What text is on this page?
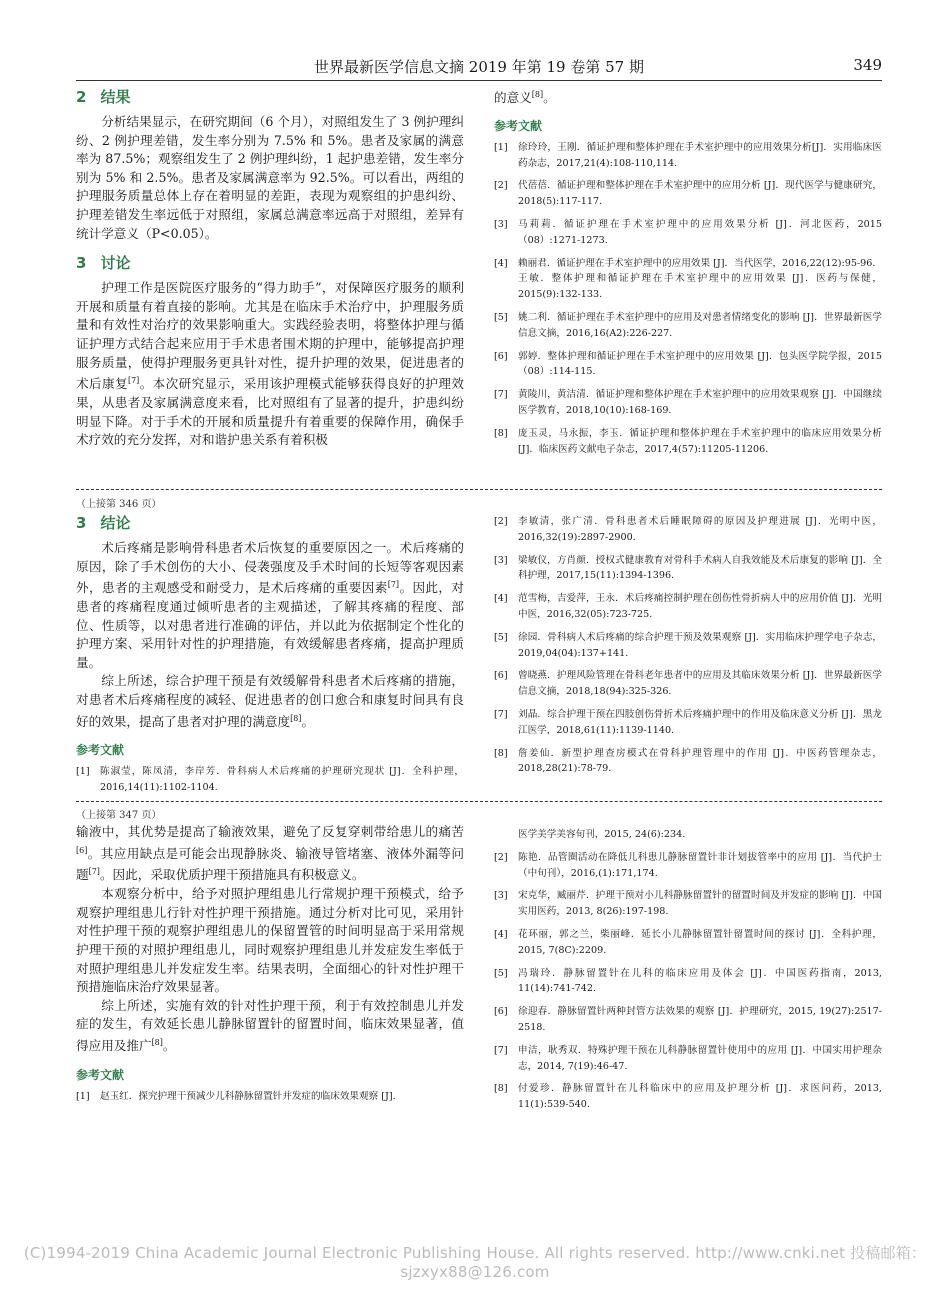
世界最新医学信息文摘 2019 年第 19 卷第 57 期	349
2 结果

分析结果显示，在研究期间（6 个月），对照组发生了 3 例护理纠纷、2 例护理差错，发生率分别为 7.5% 和 5%。患者及家属的满意率为 87.5%；观察组发生了 2 例护理纠纷，1 起护患差错，发生率分别为 5% 和 2.5%。患者及家属满意率为 92.5%。可以看出，两组的护理服务质量总体上存在着明显的差距，表现为观察组的护患纠纷、护理差错发生率远低于对照组，家属总满意率远高于对照组，差异有统计学意义（P<0.05）。

3 讨论

护理工作是医院医疗服务的“得力助手”，对保障医疗服务的顺利开展和质量有着直接的影响。尤其是在临床手术治疗中，护理服务质量和有效性对治疗的效果影响重大。实践经验表明，将整体护理与循证护理方式结合起来应用于手术患者围术期的护理中，能够提高护理服务质量，使得护理服务更具针对性，提升护理的效果，促进患者的术后康复[7]。本次研究显示，采用该护理模式能够获得良好的护理效果，从患者及家属满意度来看，比对照组有了显著的提升，护患纠纷明显下降。对于手术的开展和质量提升有着重要的保障作用，确保手术疗效的充分发挥，对和谐护患关系有着积极

的意义[8]。

参考文献
[1] 徐玲玲，王刚．循证护理和整体护理在手术室护理中的应用效果分析[J]．实用临床医药杂志，2017,21(4):108-110,114.
[2] 代蓓蓓．循证护理和整体护理在手术室护理中的应用分析 [J]．现代医学与健康研究，2018(5):117-117.
[3] 马莉莉．循证护理在手术室护理中的应用效果分析 [J]．河北医药，2015（08）:1271-1273.
[4] 赖丽君．循证护理在手术室护理中的应用效果 [J]．当代医学，2016,22(12):95-96．王敏．整体护理和循证护理在手术室护理中的应用效果 [J]．医药与保健，2015(9):132-133.
[5] 姚二利．循证护理在手术室护理中的应用及对患者情绪变化的影响 [J]．世界最新医学信息文摘，2016,16(A2):226-227.
[6] 郭婷．整体护理和循证护理在手术室护理中的应用效果 [J]．包头医学院学报，2015（08）:114-115.
[7] 黄陵川，黄洁清．循证护理和整体护理在手术室护理中的应用效果观察 [J]．中国继续医学教育，2018,10(10):168-169.
[8] 庞玉灵，马永振，李玉．循证护理和整体护理在手术室护理中的临床应用效果分析 [J]．临床医药文献电子杂志，2017,4(57):11205-11206.
（上接第 346 页）
3 结论

术后疼痛是影响骨科患者术后恢复的重要原因之一。术后疼痛的原因，除了手术创伤的大小、侵袭强度及手术时间的长短等客观因素外，患者的主观感受和耐受力，是术后疼痛的重要因素[7]。因此，对患者的疼痛程度通过倾听患者的主观描述，了解其疼痛的程度、部位、性质等，以对患者进行准确的评估，并以此为依据制定个性化的护理方案、采用针对性的护理措施，有效缓解患者疼痛，提高护理质量。

综上所述，综合护理干预是有效缓解骨科患者术后疼痛的措施，对患者术后疼痛程度的减轻、促进患者的创口愈合和康复时间具有良好的效果，提高了患者对护理的满意度[8]。

参考文献
[1] 陈淑莹，陈凤清，李岸芳．骨科病人术后疼痛的护理研究现状 [J]．全科护理，2016,14(11):1102-1104.
[2] 李敏清，张广清．骨科患者术后睡眠障碍的原因及护理进展 [J]．光明中医，2016,32(19):2897-2900.
[3] 梁敏仪，方肖颜．授权式健康教育对骨科手术病人自我效能及术后康复的影响 [J]．全科护理，2017,15(11):1394-1396.
[4] 范雪梅，吉爱萍，王永．术后疼痛控制护理在创伤性骨折病人中的应用价值 [J]．光明中医，2016,32(05):723-725.
[5] 徐园．骨科病人术后疼痛的综合护理干预及效果观察 [J]．实用临床护理学电子杂志，2019,04(04):137+141.
[6] 曾晓燕．护理风险管理在骨科老年患者中的应用及其临床效果分析 [J]．世界最新医学信息文摘，2018,18(94):325-326.
[7] 刘晶．综合护理干预在四肢创伤骨折术后疼痛护理中的作用及临床意义分析 [J]．黑龙江医学，2018,61(11):1139-1140.
[8] 詹姜仙．新型护理查房模式在骨科护理管理中的作用 [J]．中医药管理杂志，2018,28(21):78-79.
（上接第 347 页）

输液中，其优势是提高了输液效果，避免了反复穿刺带给患儿的痛苦[6]。其应用缺点是可能会出现静脉炎、输液导管堵塞、液体外漏等问题[7]。因此，采取优质护理干预措施具有积极意义。

本观察分析中，给予对照护理组患儿行常规护理干预模式，给予观察护理组患儿行针对性护理干预措施。通过分析对比可见，采用针对性护理干预的观察护理组患儿的保留置管的时间明显高于采用常规护理干预的对照护理组患儿，同时观察护理组患儿并发症发生率低于对照护理组患儿并发症发生率。结果表明，全面细心的针对性护理干预措施临床治疗效果显著。

综上所述，实施有效的针对性护理干预，利于有效控制患儿并发症的发生，有效延长患儿静脉留置针的留置时间，临床效果显著，值得应用及推广[8]。

参考文献
[1] 赵玉红．探究护理干预减少儿科静脉留置针并发症的临床效果观察 [J].
医学美学美容旬刊，2015, 24(6):234.
[2] 陈艳．品管圈活动在降低儿科患儿静脉留置针非计划拔管率中的应用 [J]．当代护士（中旬刊），2016,(1):171,174.
[3] 宋克华，臧丽芹．护理干预对小儿科静脉留置针的留置时间及并发症的影响 [J]．中国实用医药，2013, 8(26):197-198.
[4] 花环丽，郭之兰，柴丽峰．延长小儿静脉留置针留置时间的探讨 [J]．全科护理，2015, 7(8C):2209.
[5] 冯瑞玲．静脉留置针在儿科的临床应用及体会 [J]．中国医药指南，2013, 11(14):741-742.
[6] 徐迎春．静脉留置针两种封管方法效果的观察 [J]．护理研究，2015, 19(27):2517-2518.
[7] 申洁，耿秀双．特殊护理干预在儿科静脉留置针使用中的应用 [J]．中国实用护理杂志，2014, 7(19):46-47.
[8] 付爱珍．静脉留置针在儿科临床中的应用及护理分析 [J]．求医问药，2013, 11(1):539-540.
(C)1994-2019 China Academic Journal Electronic Publishing House. All rights reserved. http://www.cnki.net 投稿邮箱：sjzxyx88@126.com
